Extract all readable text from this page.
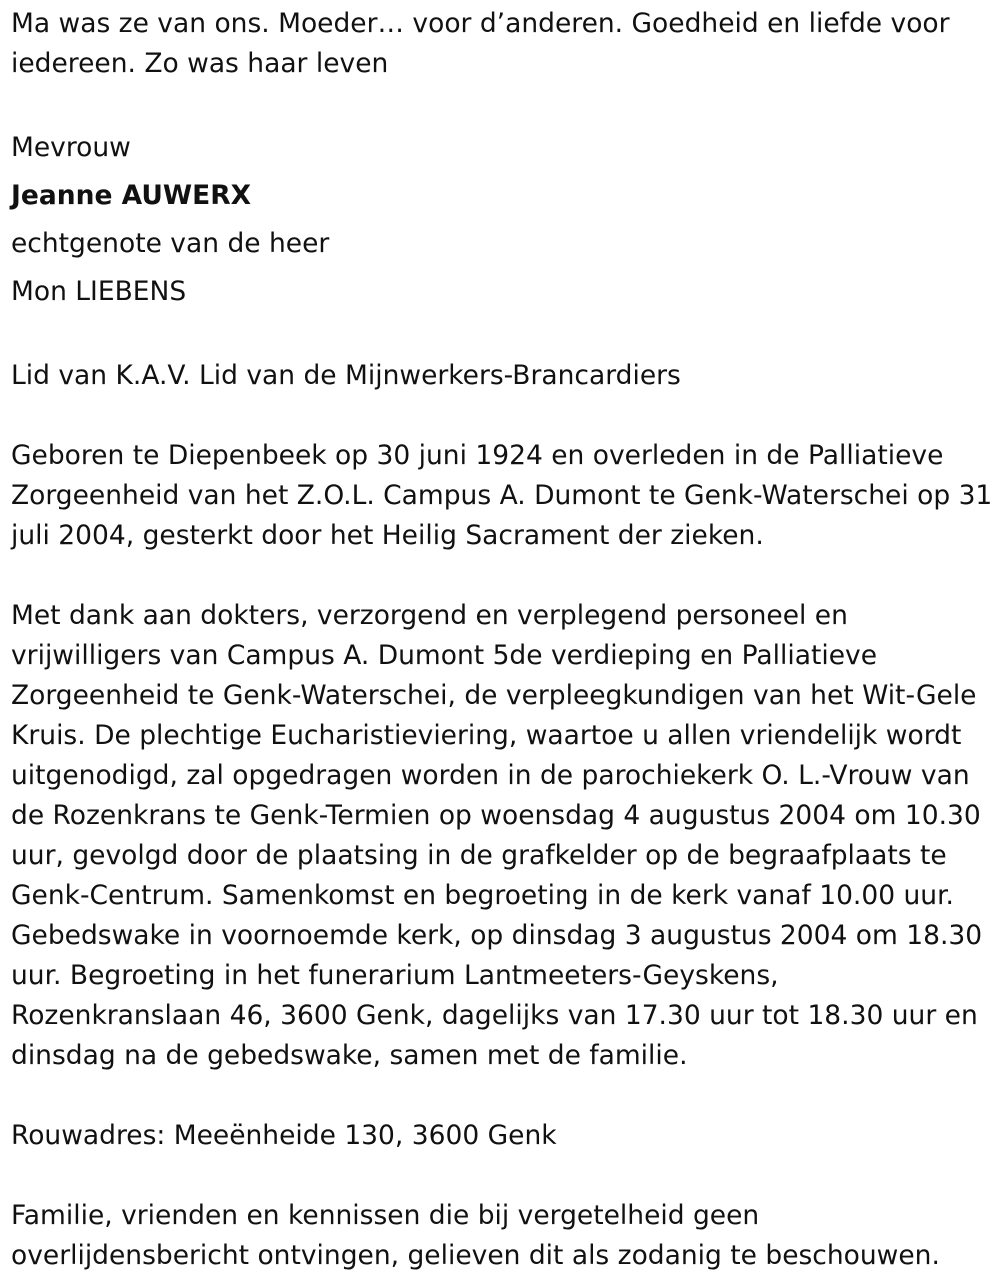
Ma was ze van ons. Moeder… voor d’anderen. Goedheid en liefde voor
iedereen. Zo was haar leven
Mevrouw
Jeanne AUWERX
echtgenote van de heer
Mon LIEBENS
Lid van K.A.V. Lid van de Mijnwerkers-Brancardiers
Geboren te Diepenbeek op 30 juni 1924 en overleden in de Palliatieve
Zorgeenheid van het Z.O.L. Campus A. Dumont te Genk-Waterschei op 31
juli 2004, gesterkt door het Heilig Sacrament der zieken.
Met dank aan dokters, verzorgend en verplegend personeel en
vrijwilligers van Campus A. Dumont 5de verdieping en Palliatieve
Zorgeenheid te Genk-Waterschei, de verpleegkundigen van het Wit-Gele
Kruis. De plechtige Eucharistieviering, waartoe u allen vriendelijk wordt
uitgenodigd, zal opgedragen worden in de parochiekerk O. L.-Vrouw van
de Rozenkrans te Genk-Termien op woensdag 4 augustus 2004 om 10.30
uur, gevolgd door de plaatsing in de grafkelder op de begraafplaats te
Genk-Centrum. Samenkomst en begroeting in de kerk vanaf 10.00 uur.
Gebedswake in voornoemde kerk, op dinsdag 3 augustus 2004 om 18.30
uur. Begroeting in het funerarium Lantmeeters-Geyskens,
Rozenkranslaan 46, 3600 Genk, dagelijks van 17.30 uur tot 18.30 uur en
dinsdag na de gebedswake, samen met de familie.
Rouwadres: Meeënheide 130, 3600 Genk
Familie, vrienden en kennissen die bij vergetelheid geen
overlijdensbericht ontvingen, gelieven dit als zodanig te beschouwen.
